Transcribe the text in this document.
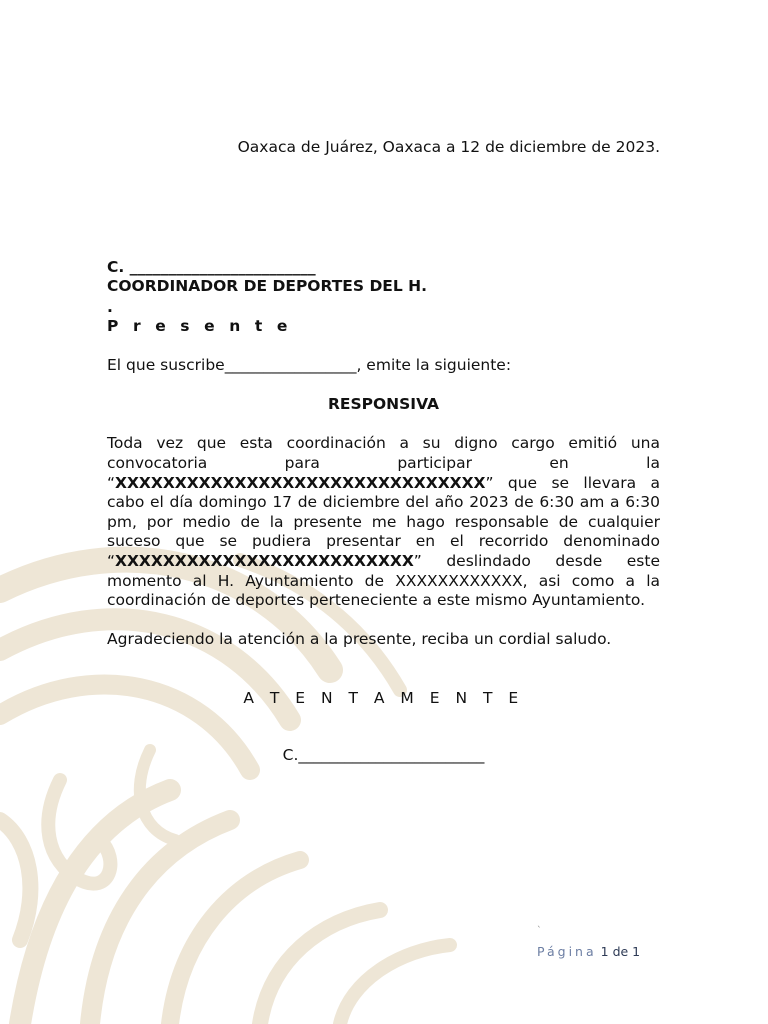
Oaxaca de Juárez, Oaxaca a 12 de diciembre de 2023.

C. ________________________

COORDINADOR DE DEPORTES DEL H.

.

P r e s e n t e

El que suscribe_________________, emite la siguiente:

RESPONSIVA

Toda vez que esta coordinación a su digno cargo emitió una convocatoria para participar en la “XXXXXXXXXXXXXXXXXXXXXXXXXXXXXXX” que se llevara a cabo el día domingo 17 de diciembre del año 2023 de 6:30 am a 6:30 pm, por medio de la presente me hago responsable de cualquier suceso que se pudiera presentar en el recorrido denominado “XXXXXXXXXXXXXXXXXXXXXXXXX” deslindado desde este momento al H. Ayuntamiento de XXXXXXXXXXXX, asi como a la coordinación de deportes perteneciente a este mismo Ayuntamiento.

Agradeciendo la atención a la presente, reciba un cordial saludo.

A T E N T A M E N T E

C.________________________

`
Página 1 de 1
